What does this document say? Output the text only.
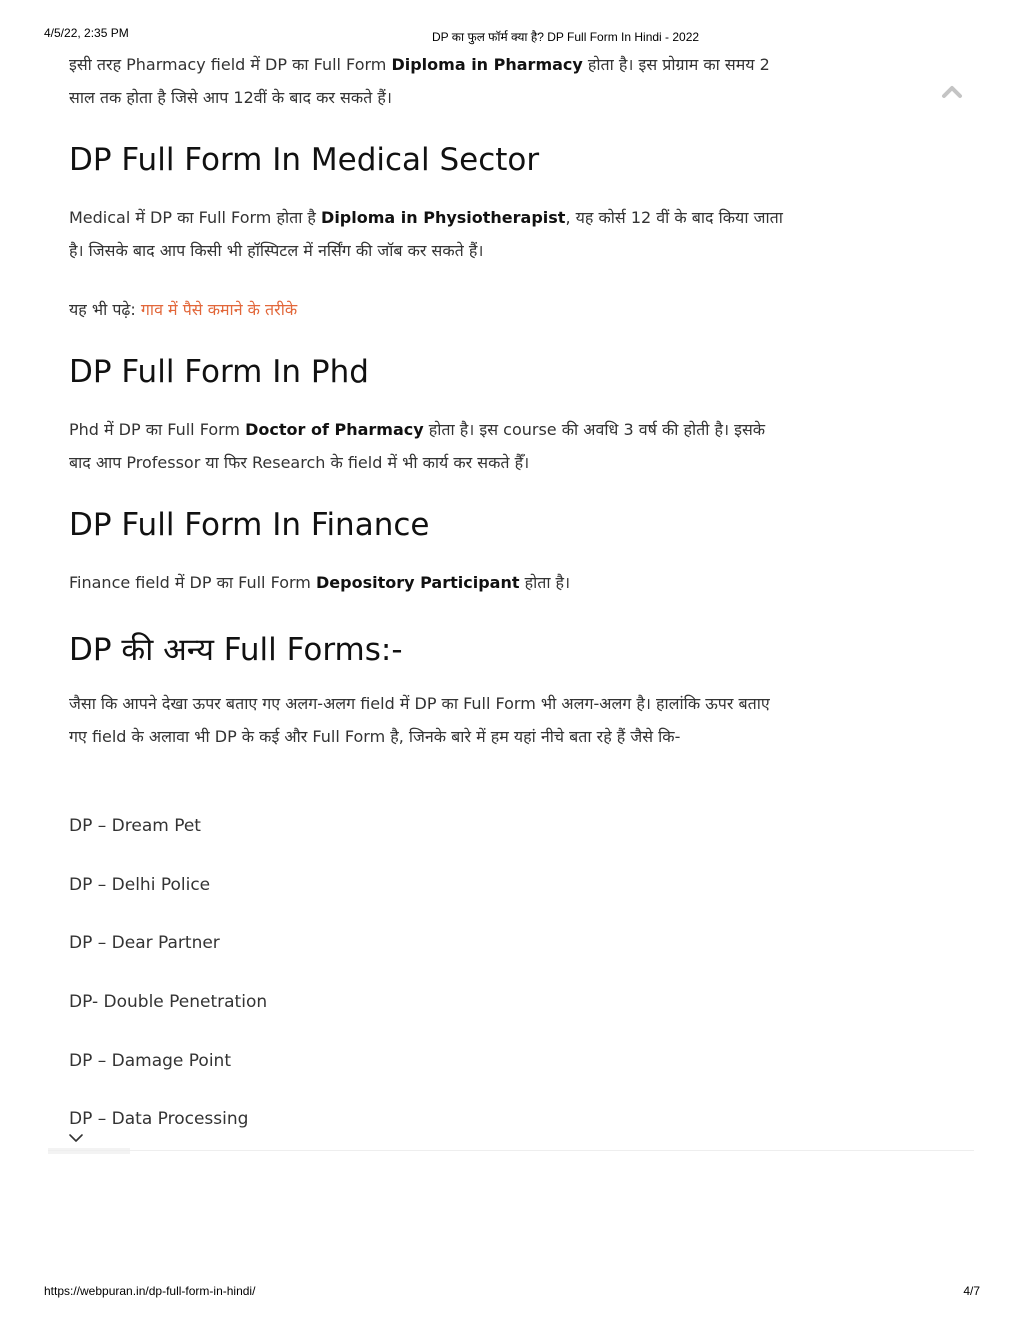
4/5/22, 2:35 PM	DP का फुल फॉर्म क्या है? DP Full Form In Hindi - 2022

इसी तरह Pharmacy field में DP का Full Form Diploma in Pharmacy होता है। इस प्रोग्राम का समय 2 साल तक होता है जिसे आप 12वीं के बाद कर सकते हैं।

DP Full Form In Medical Sector

Medical में DP का Full Form होता है Diploma in Physiotherapist, यह कोर्स 12 वीं के बाद किया जाता है। जिसके बाद आप किसी भी हॉस्पिटल में नर्सिंग की जॉब कर सकते हैं।

यह भी पढ़े: गाव में पैसे कमाने के तरीके

DP Full Form In Phd

Phd में DP का Full Form Doctor of Pharmacy होता है। इस course की अवधि 3 वर्ष की होती है। इसके बाद आप Professor या फिर Research के field में भी कार्य कर सकते हैँ।

DP Full Form In Finance

Finance field में DP का Full Form Depository Participant होता है।

DP की अन्य Full Forms:-

जैसा कि आपने देखा ऊपर बताए गए अलग-अलग field में DP का Full Form भी अलग-अलग है। हालांकि ऊपर बताए गए field के अलावा भी DP के कई और Full Form है, जिनके बारे में हम यहां नीचे बता रहे हैं जैसे कि-

DP – Dream Pet
DP – Delhi Police
DP – Dear Partner
DP- Double Penetration
DP – Damage Point
DP – Data Processing
https://webpuran.in/dp-full-form-in-hindi/	4/7
